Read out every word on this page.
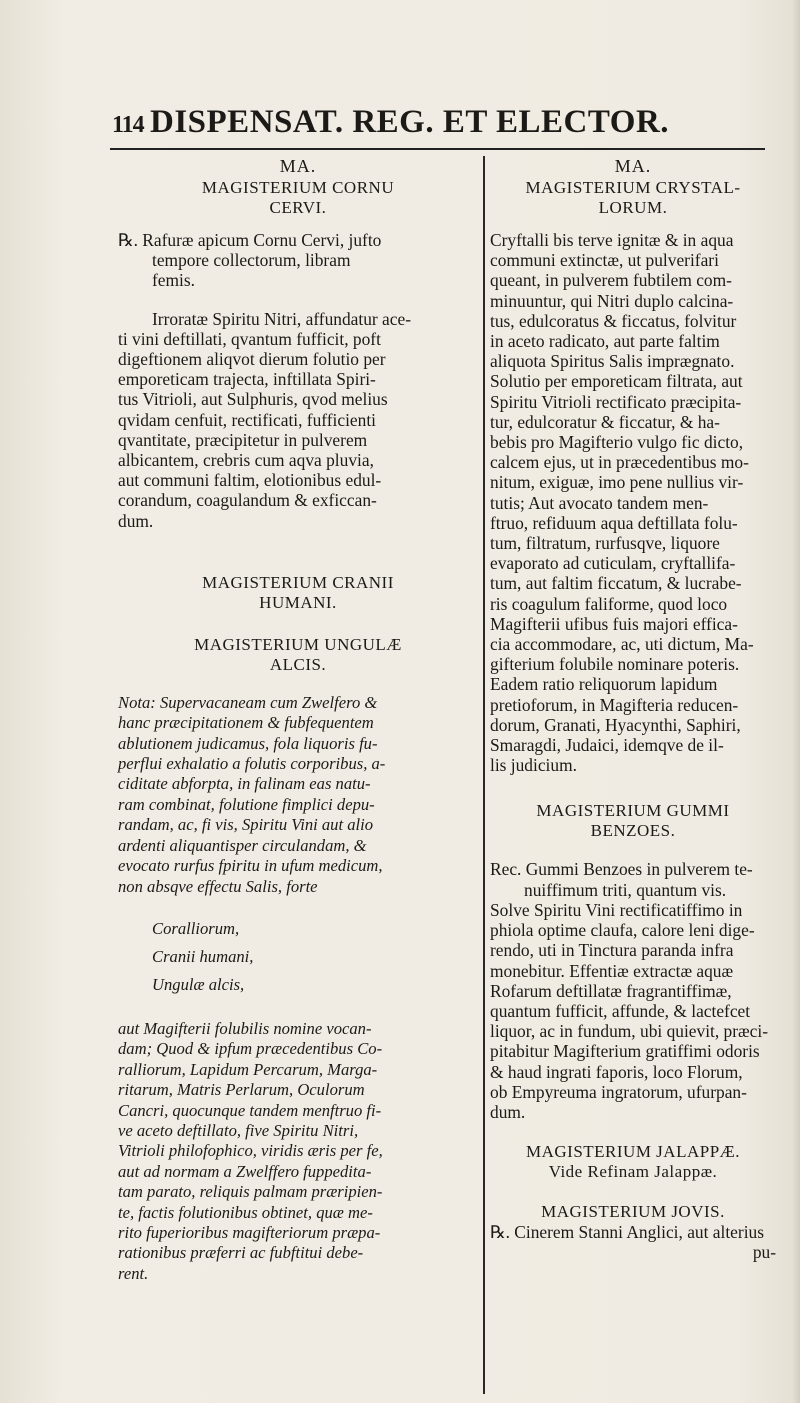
114 DISPENSAT. REG. ET ELECTOR.

MA.

MAGISTERIUM CORNU

CERVI.

℞. Rafuræ apicum Cornu Cervi, jufto

tempore collectorum, libram

femis.

Irroratæ Spiritu Nitri, affundatur ace-

ti vini deftillati, qvantum fufficit, poft

digeftionem aliqvot dierum folutio per

emporeticam trajecta, inftillata Spiri-

tus Vitrioli, aut Sulphuris, qvod melius

qvidam cenfuit, rectificati, fufficienti

qvantitate, præcipitetur in pulverem

albicantem, crebris cum aqva pluvia,

aut communi faltim, elotionibus edul-

corandum, coagulandum & exficcan-

dum.

MAGISTERIUM CRANII

HUMANI.

MAGISTERIUM UNGULÆ

ALCIS.

Nota: Supervacaneam cum Zwelfero &

hanc præcipitationem & fubfequentem

ablutionem judicamus, fola liquoris fu-

perflui exhalatio a folutis corporibus, a-

ciditate abforpta, in falinam eas natu-

ram combinat, folutione fimplici depu-

randam, ac, fi vis, Spiritu Vini aut alio

ardenti aliquantisper circulandam, &

evocato rurfus fpiritu in ufum medicum,

non absqve effectu Salis, forte

Coralliorum,

Cranii humani,

Ungulæ alcis,

aut Magifterii folubilis nomine vocan-

dam; Quod & ipfum præcedentibus Co-

ralliorum, Lapidum Percarum, Marga-

ritarum, Matris Perlarum, Oculorum

Cancri, quocunque tandem menftruo fi-

ve aceto deftillato, five Spiritu Nitri,

Vitrioli philofophico, viridis æris per fe,

aut ad normam a Zwelffero fuppedita-

tam parato, reliquis palmam præripien-

te, factis folutionibus obtinet, quæ me-

rito fuperioribus magifteriorum præpa-

rationibus præferri ac fubftitui debe-

rent.

MA.

MAGISTERIUM CRYSTAL-

LORUM.

Cryftalli bis terve ignitæ & in aqua

communi extinctæ, ut pulverifari

queant, in pulverem fubtilem com-

minuuntur, qui Nitri duplo calcina-

tus, edulcoratus & ficcatus, folvitur

in aceto radicato, aut parte faltim

aliquota Spiritus Salis imprægnato.

Solutio per emporeticam filtrata, aut

Spiritu Vitrioli rectificato præcipita-

tur, edulcoratur & ficcatur, & ha-

bebis pro Magifterio vulgo fic dicto,

calcem ejus, ut in præcedentibus mo-

nitum, exiguæ, imo pene nullius vir-

tutis; Aut avocato tandem men-

ftruo, refiduum aqua deftillata folu-

tum, filtratum, rurfusqve, liquore

evaporato ad cuticulam, cryftallifa-

tum, aut faltim ficcatum, & lucrabe-

ris coagulum faliforme, quod loco

Magifterii ufibus fuis majori effica-

cia accommodare, ac, uti dictum, Ma-

gifterium folubile nominare poteris.

Eadem ratio reliquorum lapidum

pretioforum, in Magifteria reducen-

dorum, Granati, Hyacynthi, Saphiri,

Smaragdi, Judaici, idemqve de il-

lis judicium.

MAGISTERIUM GUMMI

BENZOES.

Rec. Gummi Benzoes in pulverem te-

nuiffimum triti, quantum vis.

Solve Spiritu Vini rectificatiffimo in

phiola optime claufa, calore leni dige-

rendo, uti in Tinctura paranda infra

monebitur. Effentiæ extractæ aquæ

Rofarum deftillatæ fragrantiffimæ,

quantum fufficit, affunde, & lactefcet

liquor, ac in fundum, ubi quievit, præci-

pitabitur Magifterium gratiffimi odoris

& haud ingrati faporis, loco Florum,

ob Empyreuma ingratorum, ufurpan-

dum.

MAGISTERIUM JALAPPÆ.

Vide Refinam Jalappæ.

MAGISTERIUM JOVIS.

℞. Cinerem Stanni Anglici, aut alterius

pu-
